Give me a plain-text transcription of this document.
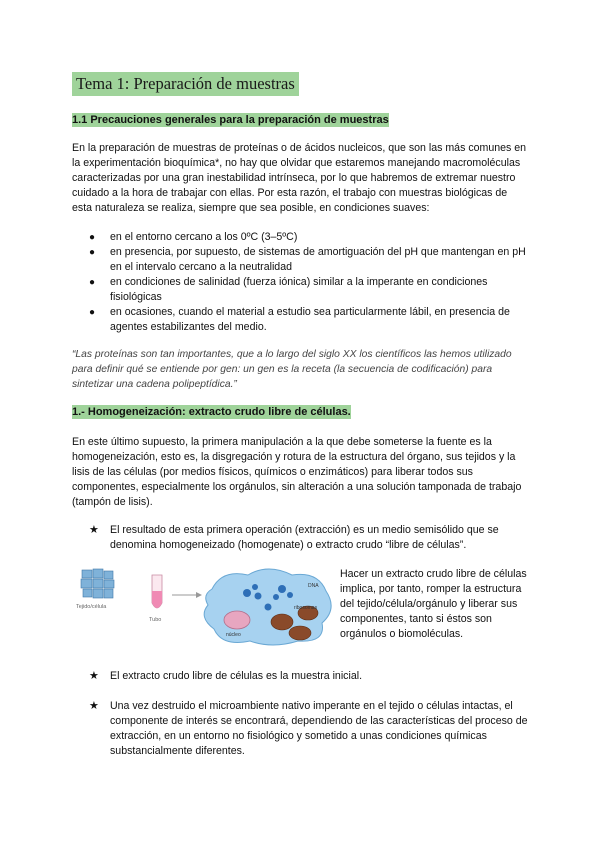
Tema 1: Preparación de muestras
1.1 Precauciones generales para la preparación de muestras

En la preparación de muestras de proteínas o de ácidos nucleicos, que son las más comunes en la experimentación bioquímica*, no hay que olvidar que estaremos manejando macromoléculas caracterizadas por una gran inestabilidad intrínseca, por lo que habremos de extremar nuestro cuidado a la hora de trabajar con ellas. Por esta razón, el trabajo con muestras biológicas de esta naturaleza se realiza, siempre que sea posible, en condiciones suaves:

● en el entorno cercano a los 0ºC (3–5ºC)
● en presencia, por supuesto, de sistemas de amortiguación del pH que mantengan en pH en el intervalo cercano a la neutralidad
● en condiciones de salinidad (fuerza iónica) similar a la imperante en condiciones fisiológicas
● en ocasiones, cuando el material a estudio sea particularmente lábil, en presencia de agentes estabilizantes del medio.

“Las proteínas son tan importantes, que a lo largo del siglo XX los científicos las hemos utilizado para definir qué se entiende por gen: un gen es la receta (la secuencia de codificación) para sintetizar una cadena polipeptídica.”

1.- Homogeneización: extracto crudo libre de células.

En este último supuesto, la primera manipulación a la que debe someterse la fuente es la homogeneización, esto es, la disgregación y rotura de la estructura del órgano, sus tejidos y la lisis de las células (por medios físicos, químicos o enzimáticos) para liberar todos sus componentes, especialmente los orgánulos, sin alteración a una solución tamponada de trabajo (tampón de lisis).

★ El resultado de esta primera operación (extracción) es un medio semisólido que se denomina homogeneizado (homogenate) o extracto crudo “libre de células”.
Tejido/célula
Tubo
núcleo
DNA
ribosomas

Hacer un extracto crudo libre de células implica, por tanto, romper la estructura del tejido/célula/orgánulo y liberar sus componentes, tanto si éstos son orgánulos o biomoléculas.

★ El extracto crudo libre de células es la muestra inicial.
★ Una vez destruido el microambiente nativo imperante en el tejido o células intactas, el componente de interés se encontrará, dependiendo de las características del proceso de extracción, en un entorno no fisiológico y sometido a unas condiciones químicas substancialmente diferentes.
